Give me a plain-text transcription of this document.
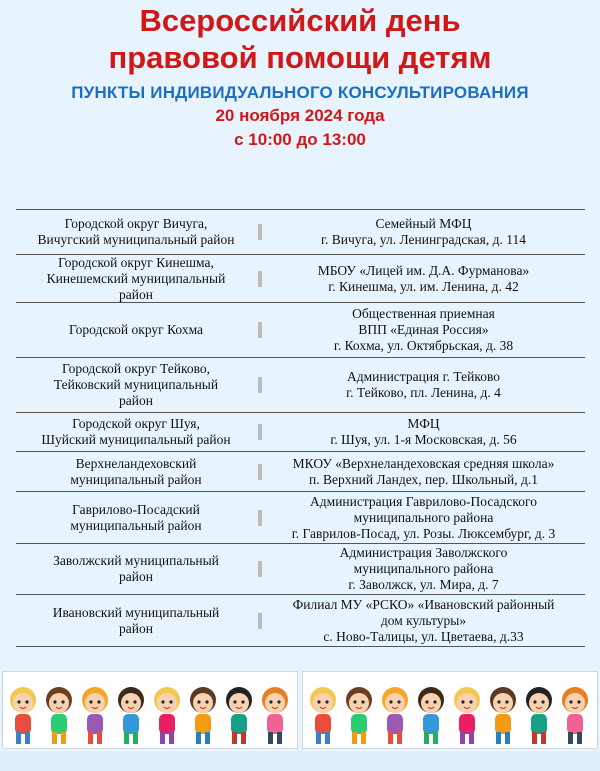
Всероссийский день
правовой помощи детям
ПУНКТЫ ИНДИВИДУАЛЬНОГО КОНСУЛЬТИРОВАНИЯ
20 ноября 2024 года
с 10:00 до 13:00
Городской округ Вичуга,
Вичугский муниципальный район
Семейный МФЦ
г. Вичуга, ул. Ленинградская, д. 114
Городской округ Кинешма,
Кинешемский муниципальный
район
МБОУ «Лицей им. Д.А. Фурманова»
г. Кинешма, ул. им. Ленина, д. 42
Городской округ Кохма
Общественная приемная
ВПП «Единая Россия»
г. Кохма, ул. Октябрьская, д. 38
Городской округ Тейково,
Тейковский муниципальный
район
Администрация г. Тейково
г. Тейково, пл. Ленина, д. 4
Городской округ Шуя,
Шуйский муниципальный район
МФЦ
г. Шуя, ул. 1-я Московская, д. 56
Верхнеландеховский
муниципальный район
МКОУ «Верхнеландеховская средняя школа»
п. Верхний Ландех, пер. Школьный, д.1
Гаврилово-Посадский
муниципальный район
Администрация Гаврилово-Посадского
муниципального района
г. Гаврилов-Посад, ул. Розы. Люксембург, д. 3
Заволжский муниципальный
район
Администрация Заволжского
муниципального района
г. Заволжск, ул. Мира, д. 7
Ивановский муниципальный
район
Филиал МУ «РСКО» «Ивановский районный
дом культуры»
с. Ново-Талицы, ул. Цветаева, д.33
